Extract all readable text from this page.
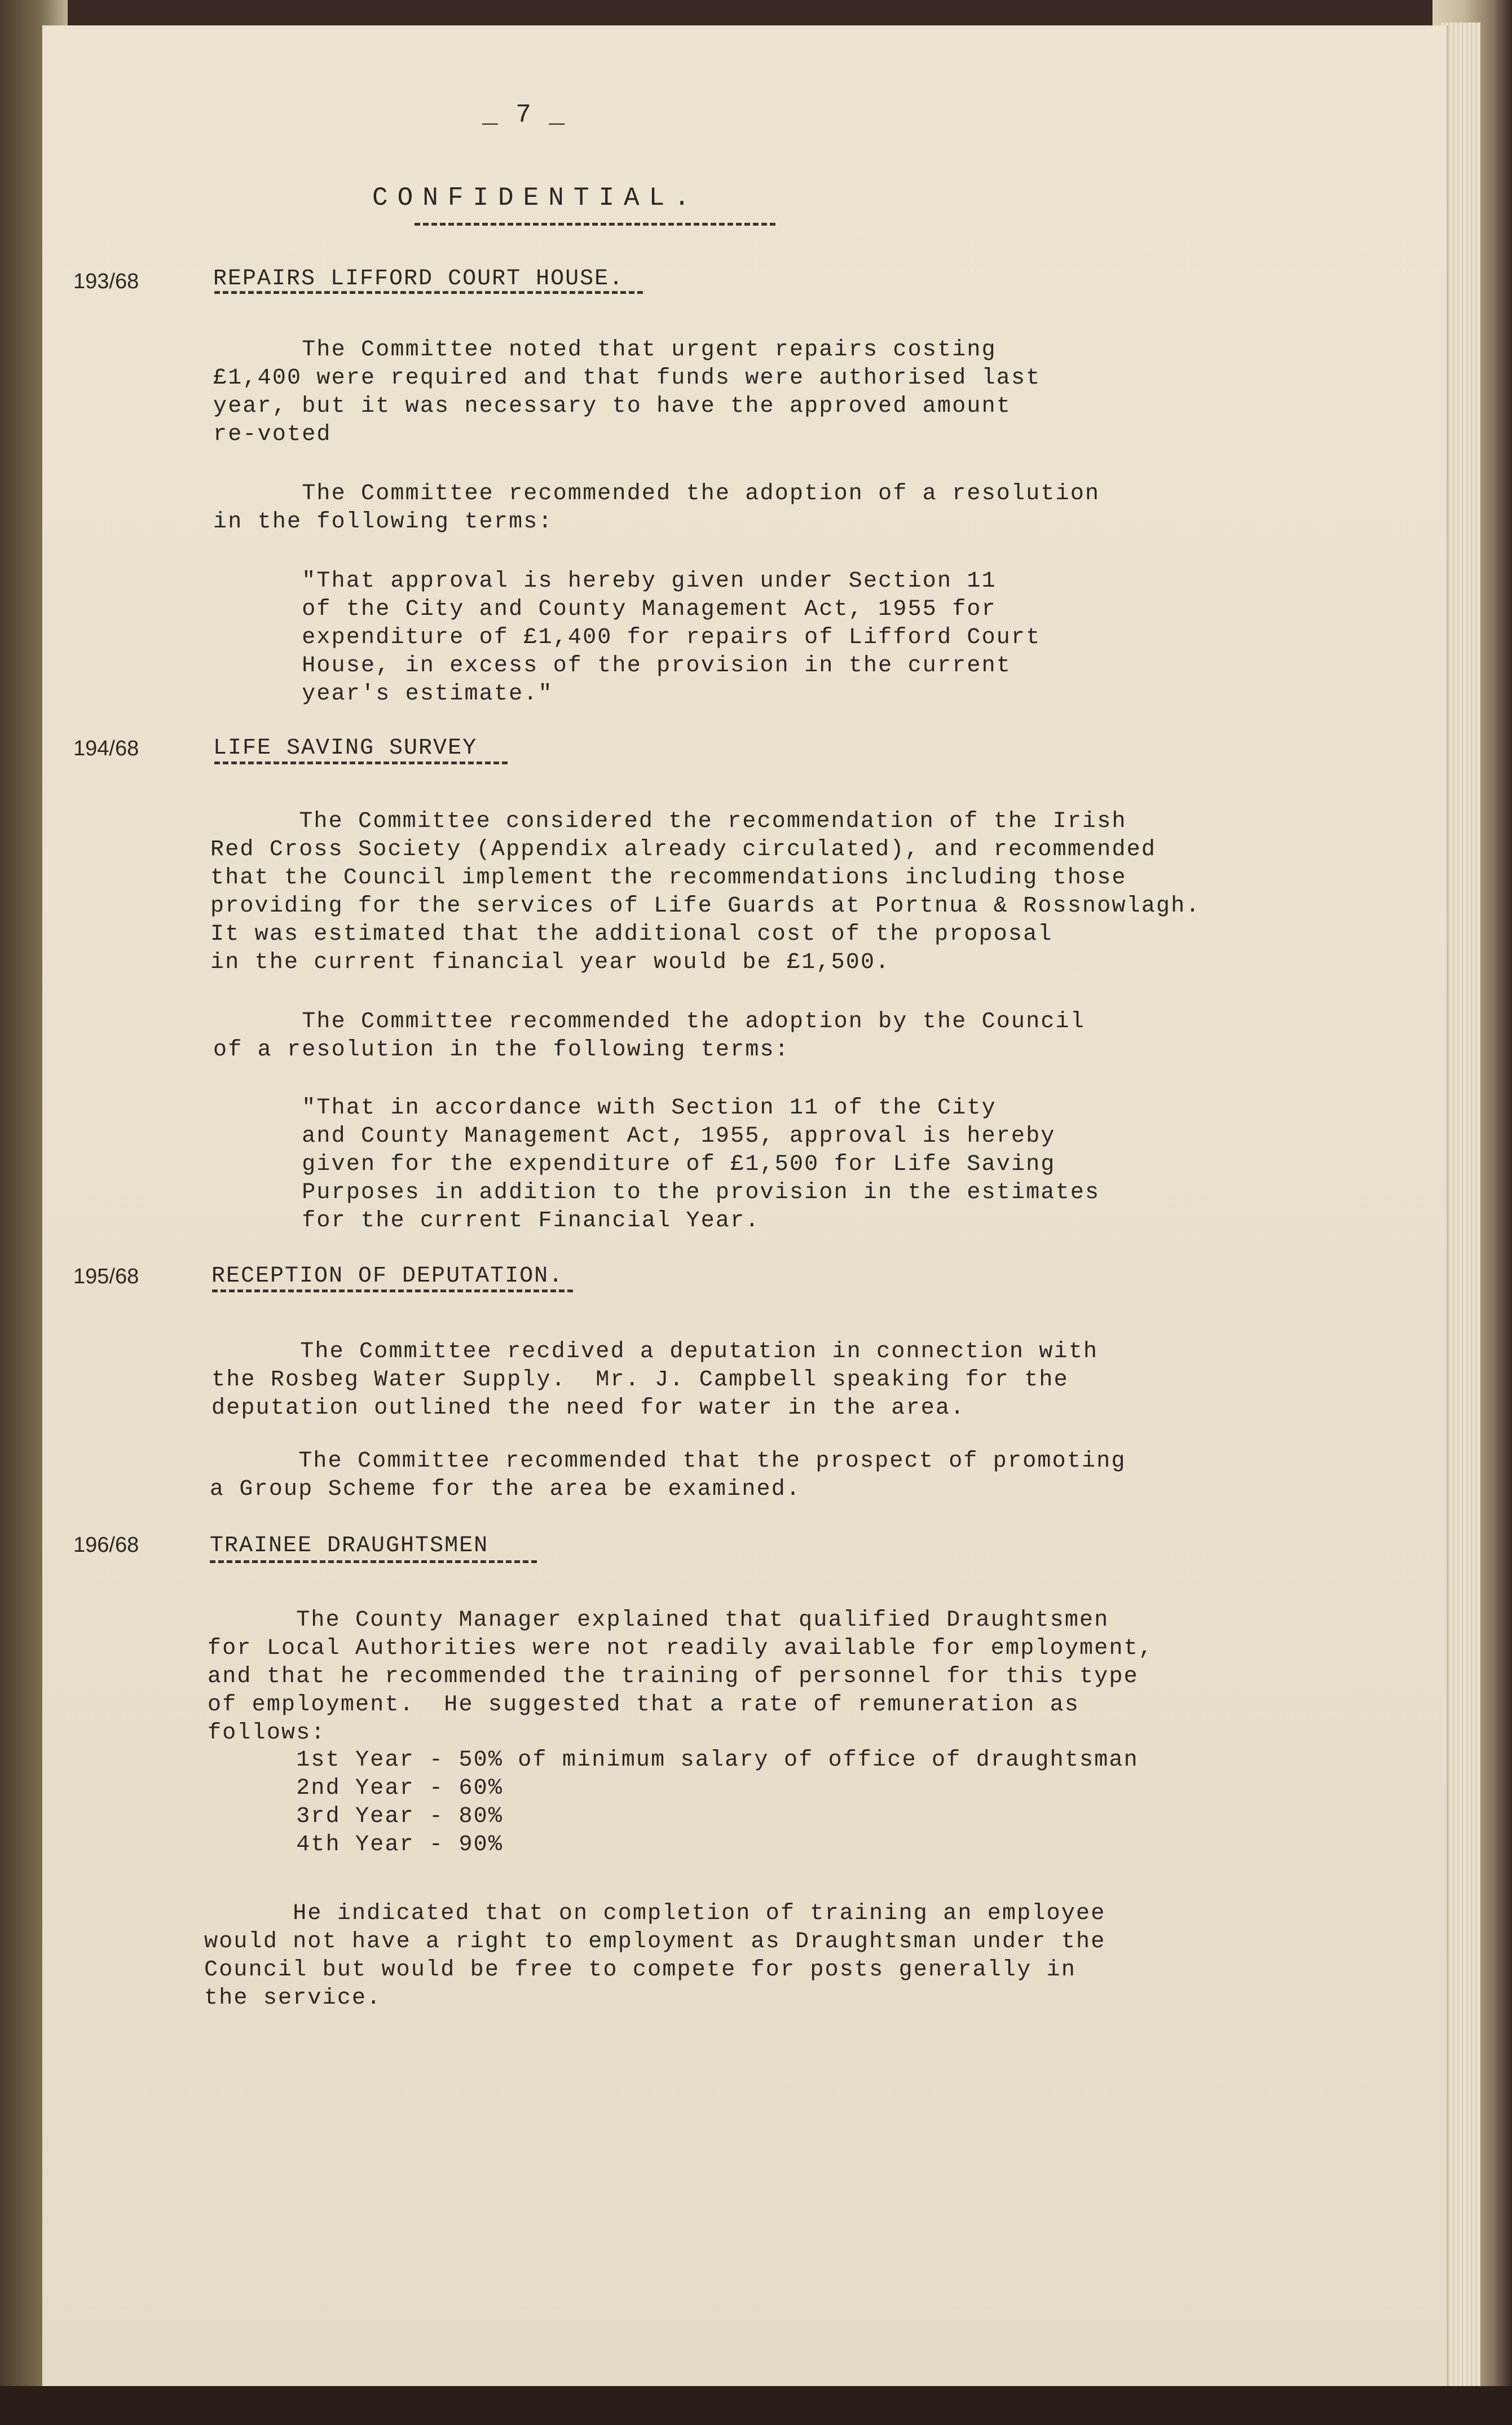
_ 7 _
CONFIDENTIAL.
193/68	REPAIRS LIFFORD COURT HOUSE.
The Committee noted that urgent repairs costing
£1,400 were required and that funds were authorised last
year, but it was necessary to have the approved amount
re-voted
The Committee recommended the adoption of a resolution
in the following terms:
"That approval is hereby given under Section 11
of the City and County Management Act, 1955 for
expenditure of £1,400 for repairs of Lifford Court
House, in excess of the provision in the current
year's estimate."
194/68	LIFE SAVING SURVEY
The Committee considered the recommendation of the Irish
Red Cross Society (Appendix already circulated), and recommended
that the Council implement the recommendations including those
providing for the services of Life Guards at Portnua & Rossnowlagh.
It was estimated that the additional cost of the proposal
in the current financial year would be £1,500.
The Committee recommended the adoption by the Council
of a resolution in the following terms:
"That in accordance with Section 11 of the City
and County Management Act, 1955, approval is hereby
given for the expenditure of £1,500 for Life Saving
Purposes in addition to the provision in the estimates
for the current Financial Year.
195/68	RECEPTION OF DEPUTATION.
The Committee recdived a deputation in connection with
the Rosbeg Water Supply.  Mr. J. Campbell speaking for the
deputation outlined the need for water in the area.
The Committee recommended that the prospect of promoting
a Group Scheme for the area be examined.
196/68	TRAINEE DRAUGHTSMEN
The County Manager explained that qualified Draughtsmen
for Local Authorities were not readily available for employment,
and that he recommended the training of personnel for this type
of employment.  He suggested that a rate of remuneration as
follows:
1st Year - 50% of minimum salary of office of draughtsman
2nd Year - 60%
3rd Year - 80%
4th Year - 90%
He indicated that on completion of training an employee
would not have a right to employment as Draughtsman under the
Council but would be free to compete for posts generally in
the service.
